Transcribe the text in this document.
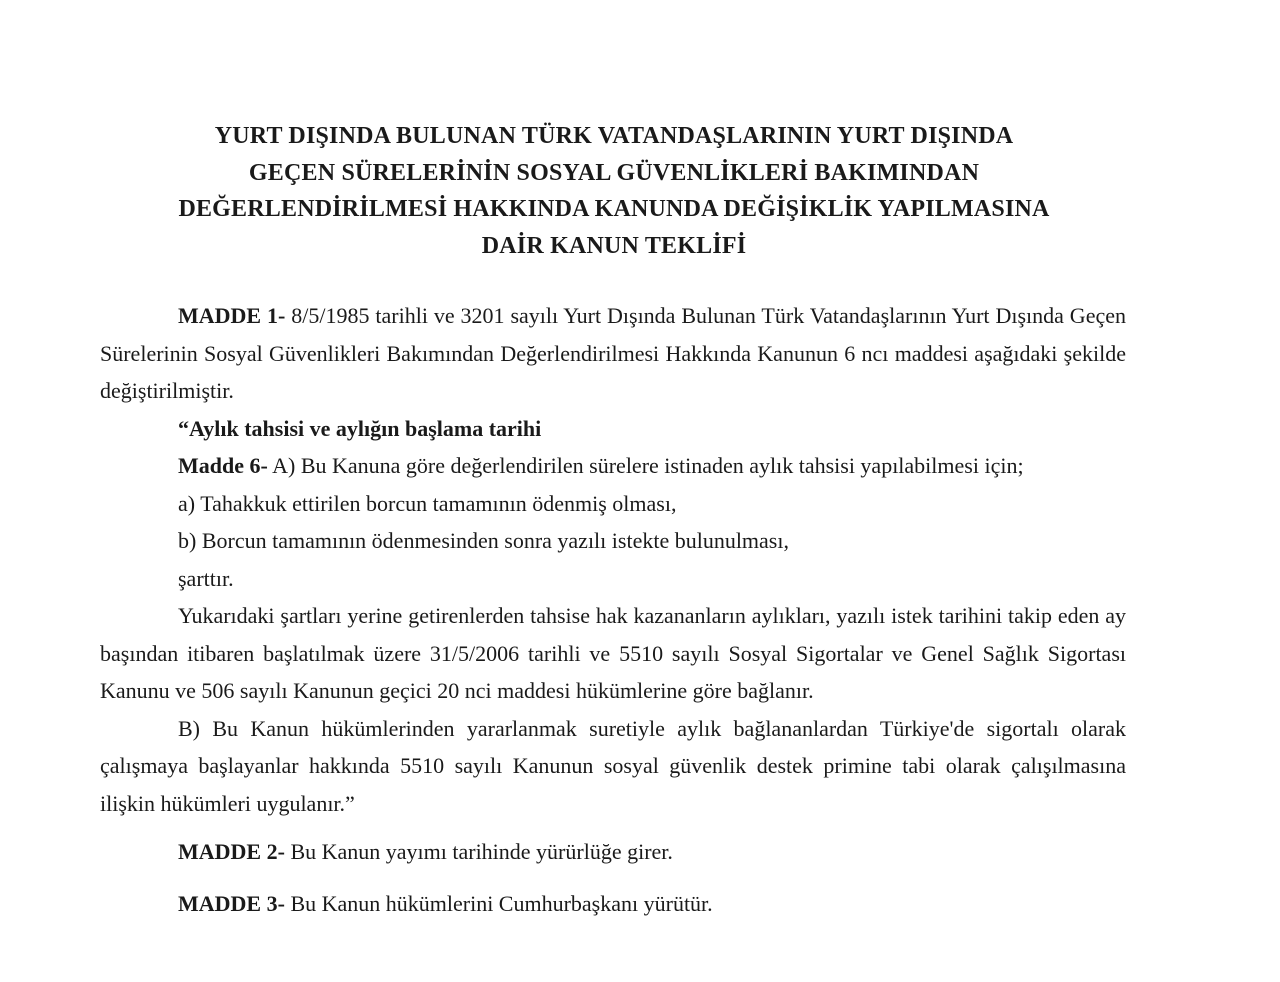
YURT DIŞINDA BULUNAN TÜRK VATANDAŞLARININ YURT DIŞINDA
GEÇEN SÜRELERİNİN SOSYAL GÜVENLİKLERİ BAKIMINDAN
DEĞERLENDİRİLMESİ HAKKINDA KANUNDA DEĞİŞİKLİK YAPILMASINA
DAİR KANUN TEKLİFİ

MADDE 1- 8/5/1985 tarihli ve 3201 sayılı Yurt Dışında Bulunan Türk Vatandaşlarının Yurt Dışında Geçen Sürelerinin Sosyal Güvenlikleri Bakımından Değerlendirilmesi Hakkında Kanunun 6 ncı maddesi aşağıdaki şekilde değiştirilmiştir.

“Aylık tahsisi ve aylığın başlama tarihi

Madde 6- A) Bu Kanuna göre değerlendirilen sürelere istinaden aylık tahsisi yapılabilmesi için;

a) Tahakkuk ettirilen borcun tamamının ödenmiş olması,

b) Borcun tamamının ödenmesinden sonra yazılı istekte bulunulması,

şarttır.

Yukarıdaki şartları yerine getirenlerden tahsise hak kazananların aylıkları, yazılı istek tarihini takip eden ay başından itibaren başlatılmak üzere 31/5/2006 tarihli ve 5510 sayılı Sosyal Sigortalar ve Genel Sağlık Sigortası Kanunu ve 506 sayılı Kanunun geçici 20 nci maddesi hükümlerine göre bağlanır.

B) Bu Kanun hükümlerinden yararlanmak suretiyle aylık bağlananlardan Türkiye'de sigortalı olarak çalışmaya başlayanlar hakkında 5510 sayılı Kanunun sosyal güvenlik destek primine tabi olarak çalışılmasına ilişkin hükümleri uygulanır.”

MADDE 2- Bu Kanun yayımı tarihinde yürürlüğe girer.

MADDE 3- Bu Kanun hükümlerini Cumhurbaşkanı yürütür.
